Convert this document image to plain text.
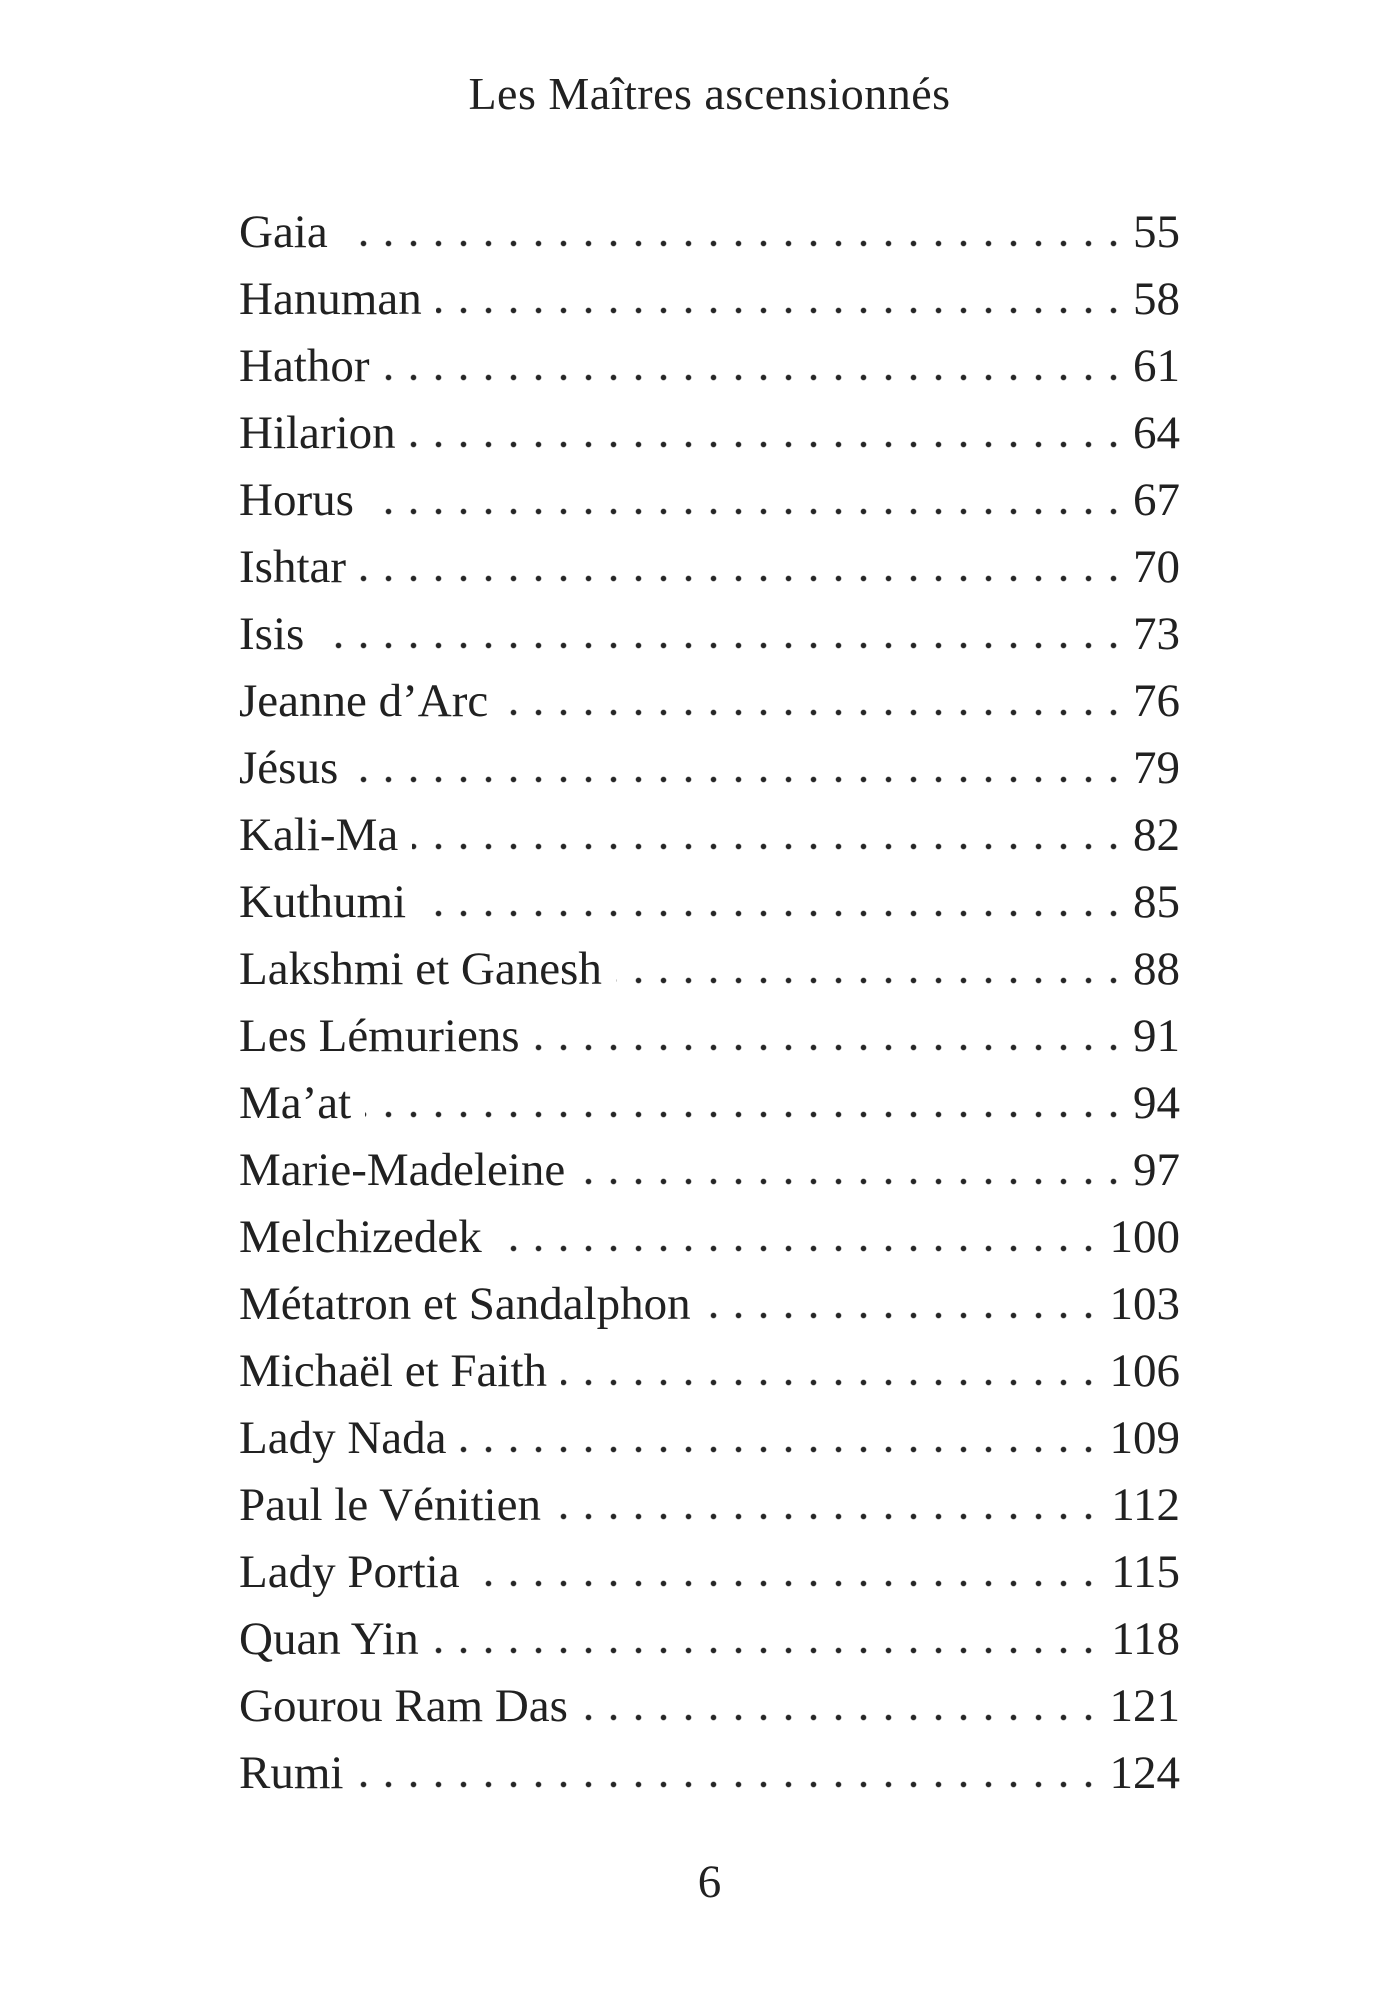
Les Maîtres ascensionnés
Gaia	55
Hanuman	58
Hathor	61
Hilarion	64
Horus	67
Ishtar	70
Isis	73
Jeanne d’Arc	76
Jésus	79
Kali-Ma	82
Kuthumi	85
Lakshmi et Ganesh	88
Les Lémuriens	91
Ma’at	94
Marie-Madeleine	97
Melchizedek	100
Métatron et Sandalphon	103
Michaël et Faith	106
Lady Nada	109
Paul le Vénitien	112
Lady Portia	115
Quan Yin	118
Gourou Ram Das	121
Rumi	124
6
